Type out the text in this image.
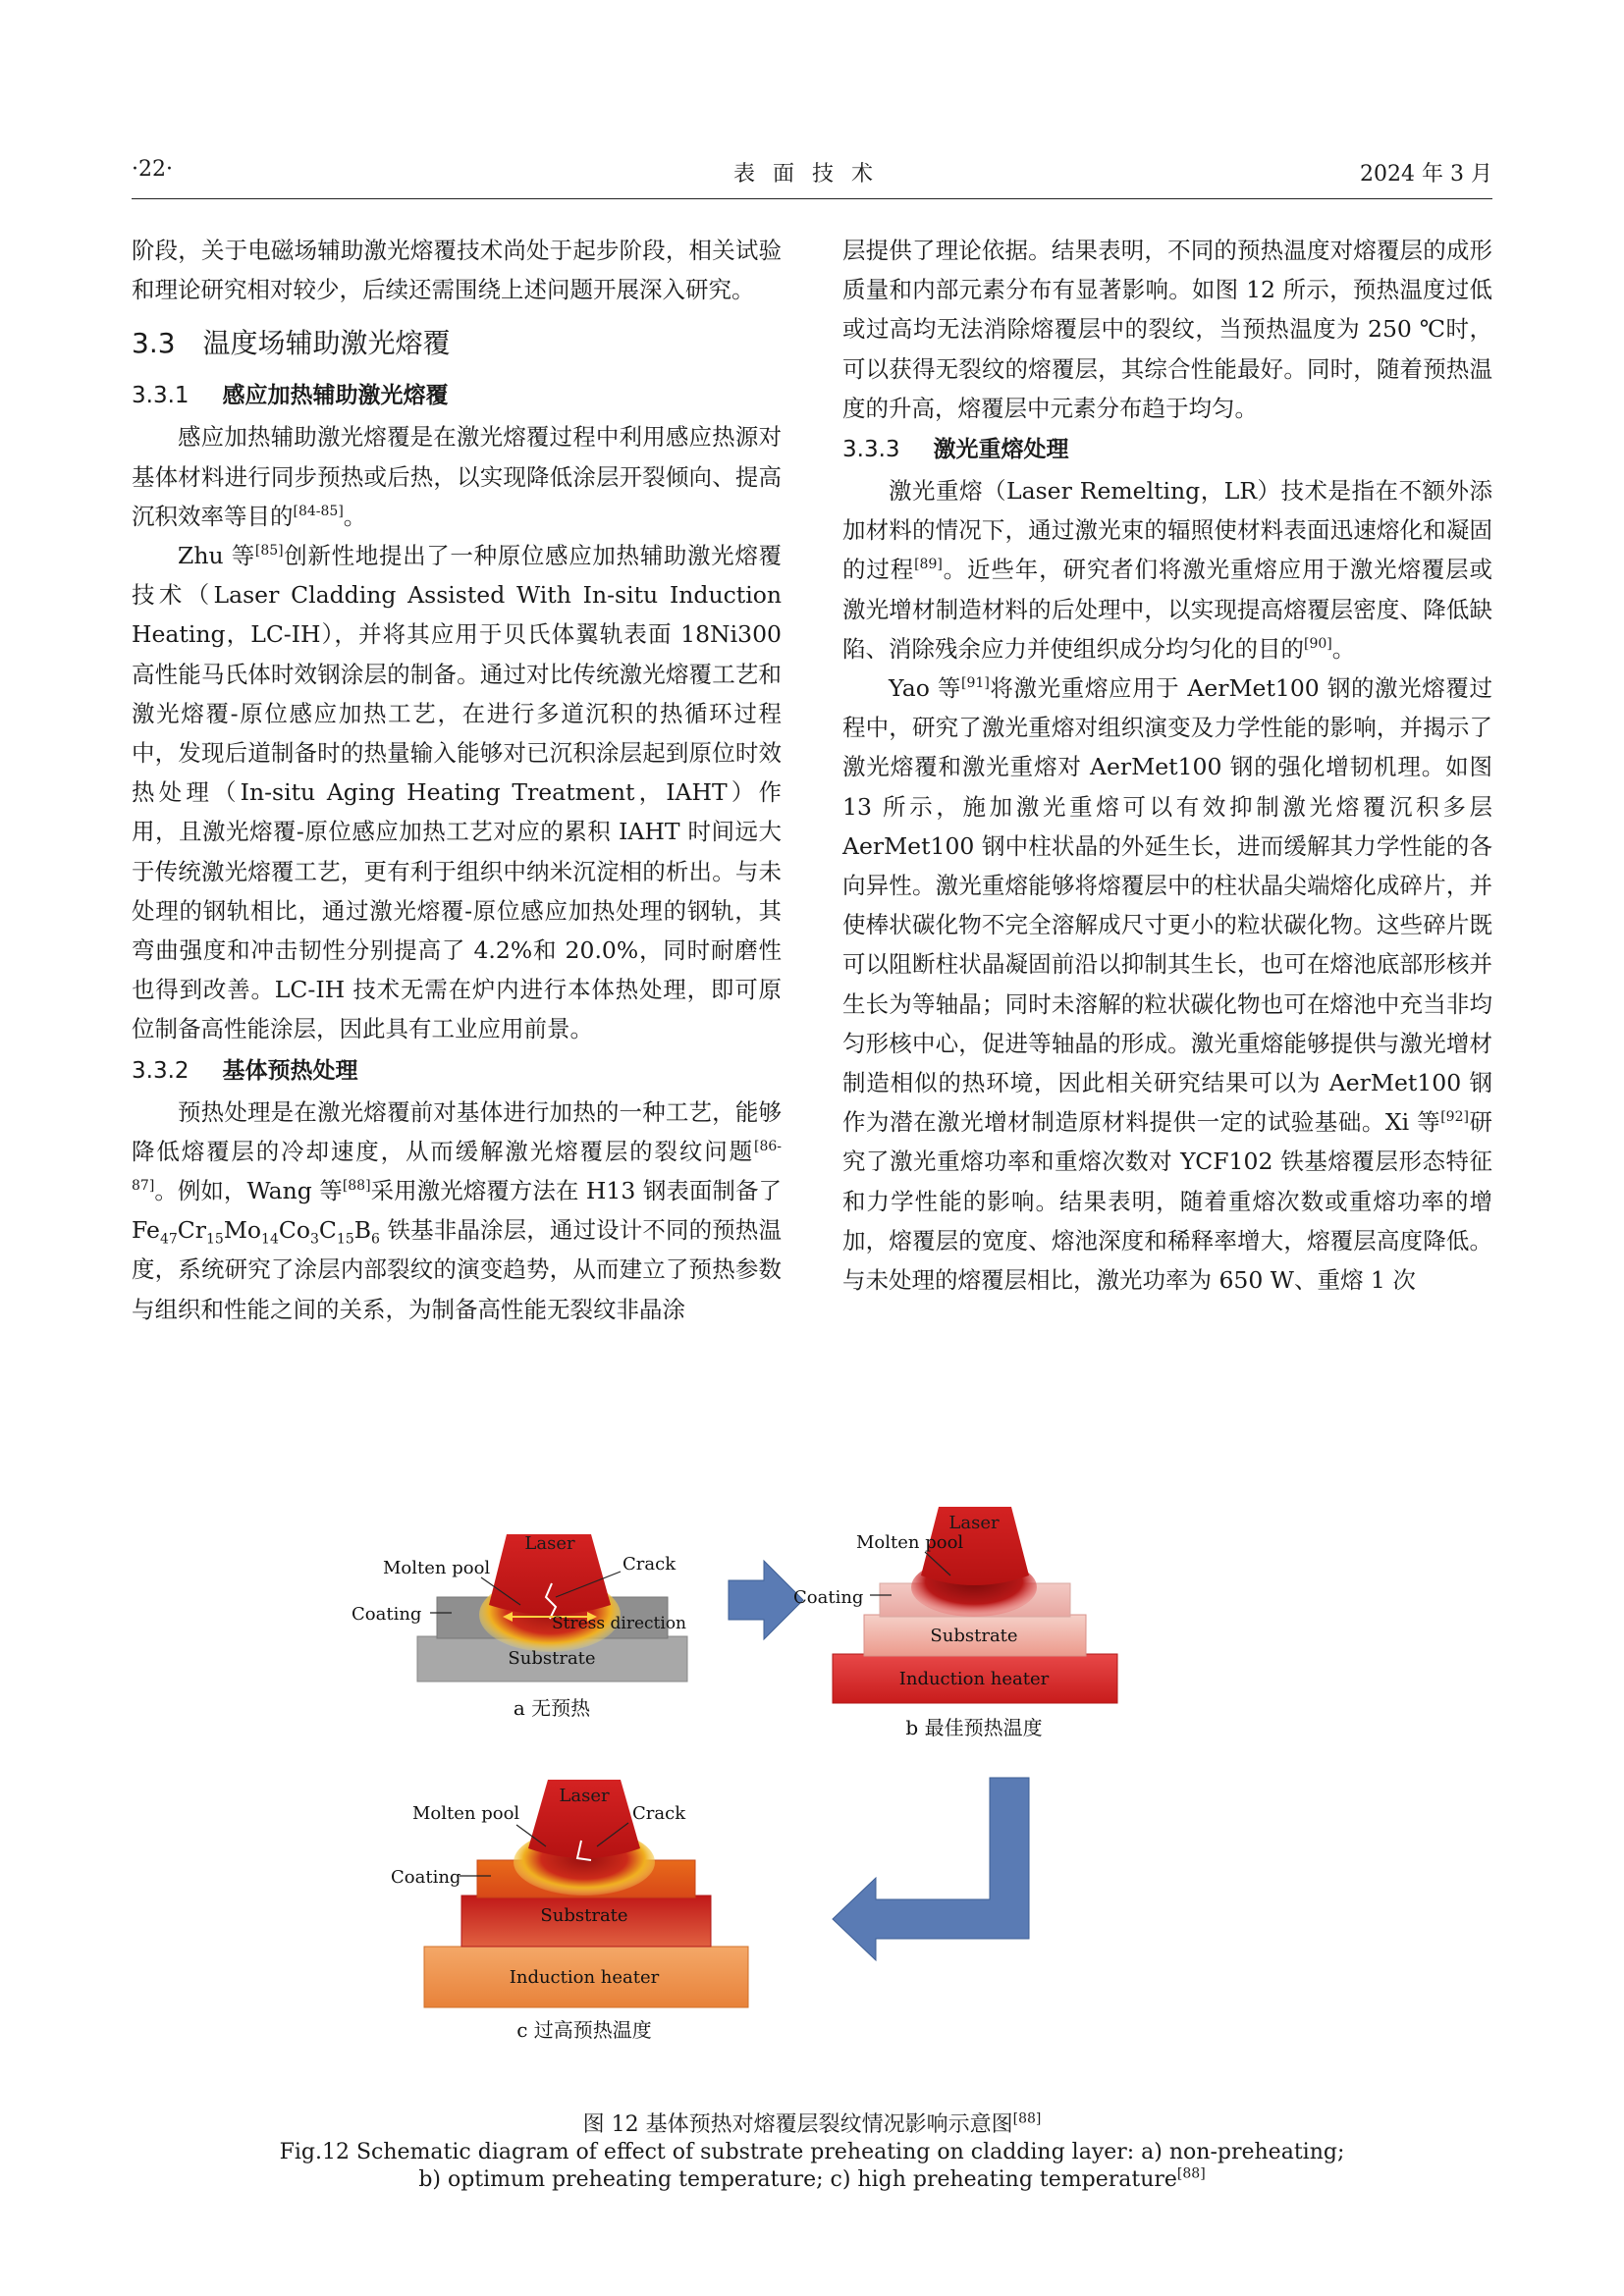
·22·	表面技术	2024 年 3 月

阶段，关于电磁场辅助激光熔覆技术尚处于起步阶段，相关试验和理论研究相对较少，后续还需围绕上述问题开展深入研究。

3.3 温度场辅助激光熔覆
3.3.1 感应加热辅助激光熔覆

感应加热辅助激光熔覆是在激光熔覆过程中利用感应热源对基体材料进行同步预热或后热，以实现降低涂层开裂倾向、提高沉积效率等目的[84-85]。

Zhu 等[85]创新性地提出了一种原位感应加热辅助激光熔覆技术（Laser Cladding Assisted With In-situ Induction Heating，LC-IH），并将其应用于贝氏体翼轨表面 18Ni300 高性能马氏体时效钢涂层的制备。通过对比传统激光熔覆工艺和激光熔覆-原位感应加热工艺，在进行多道沉积的热循环过程中，发现后道制备时的热量输入能够对已沉积涂层起到原位时效热处理（In-situ Aging Heating Treatment，IAHT）作用，且激光熔覆-原位感应加热工艺对应的累积 IAHT 时间远大于传统激光熔覆工艺，更有利于组织中纳米沉淀相的析出。与未处理的钢轨相比，通过激光熔覆-原位感应加热处理的钢轨，其弯曲强度和冲击韧性分别提高了 4.2%和 20.0%，同时耐磨性也得到改善。LC-IH 技术无需在炉内进行本体热处理，即可原位制备高性能涂层，因此具有工业应用前景。

3.3.2 基体预热处理

预热处理是在激光熔覆前对基体进行加热的一种工艺，能够降低熔覆层的冷却速度，从而缓解激光熔覆层的裂纹问题[86-87]。例如，Wang 等[88]采用激光熔覆方法在 H13 钢表面制备了 $Fe_{47}Cr_{15}Mo_{14}Co_3C_{15}B_6$ 铁基非晶涂层，通过设计不同的预热温度，系统研究了涂层内部裂纹的演变趋势，从而建立了预热参数与组织和性能之间的关系，为制备高性能无裂纹非晶涂

层提供了理论依据。结果表明，不同的预热温度对熔覆层的成形质量和内部元素分布有显著影响。如图 12 所示，预热温度过低或过高均无法消除熔覆层中的裂纹，当预热温度为 250 ℃时，可以获得无裂纹的熔覆层，其综合性能最好。同时，随着预热温度的升高，熔覆层中元素分布趋于均匀。

3.3.3 激光重熔处理

激光重熔（Laser Remelting，LR）技术是指在不额外添加材料的情况下，通过激光束的辐照使材料表面迅速熔化和凝固的过程[89]。近些年，研究者们将激光重熔应用于激光熔覆层或激光增材制造材料的后处理中，以实现提高熔覆层密度、降低缺陷、消除残余应力并使组织成分均匀化的目的[90]。

Yao 等[91]将激光重熔应用于 AerMet100 钢的激光熔覆过程中，研究了激光重熔对组织演变及力学性能的影响，并揭示了激光熔覆和激光重熔对 AerMet100 钢的强化增韧机理。如图 13 所示，施加激光重熔可以有效抑制激光熔覆沉积多层 AerMet100 钢中柱状晶的外延生长，进而缓解其力学性能的各向异性。激光重熔能够将熔覆层中的柱状晶尖端熔化成碎片，并使棒状碳化物不完全溶解成尺寸更小的粒状碳化物。这些碎片既可以阻断柱状晶凝固前沿以抑制其生长，也可在熔池底部形核并生长为等轴晶；同时未溶解的粒状碳化物也可在熔池中充当非均匀形核中心，促进等轴晶的形成。激光重熔能够提供与激光增材制造相似的热环境，因此相关研究结果可以为 AerMet100 钢作为潜在激光增材制造原材料提供一定的试验基础。Xi 等[92]研究了激光重熔功率和重熔次数对 YCF102 铁基熔覆层形态特征和力学性能的影响。结果表明，随着重熔次数或重熔功率的增加，熔覆层的宽度、熔池深度和稀释率增大，熔覆层高度降低。与未处理的熔覆层相比，激光功率为 650 W、重熔 1 次

Laser
Molten pool	Crack
Coating	Stress direction
Substrate
a 无预热
Laser
Molten pool
Coating
Substrate
Induction heater
b 最佳预热温度
Laser
Molten pool	Crack
Coating
Substrate
Induction heater
c 过高预热温度
图 12 基体预热对熔覆层裂纹情况影响示意图[88]
Fig.12 Schematic diagram of effect of substrate preheating on cladding layer: a) non-preheating;
b) optimum preheating temperature; c) high preheating temperature[88]
